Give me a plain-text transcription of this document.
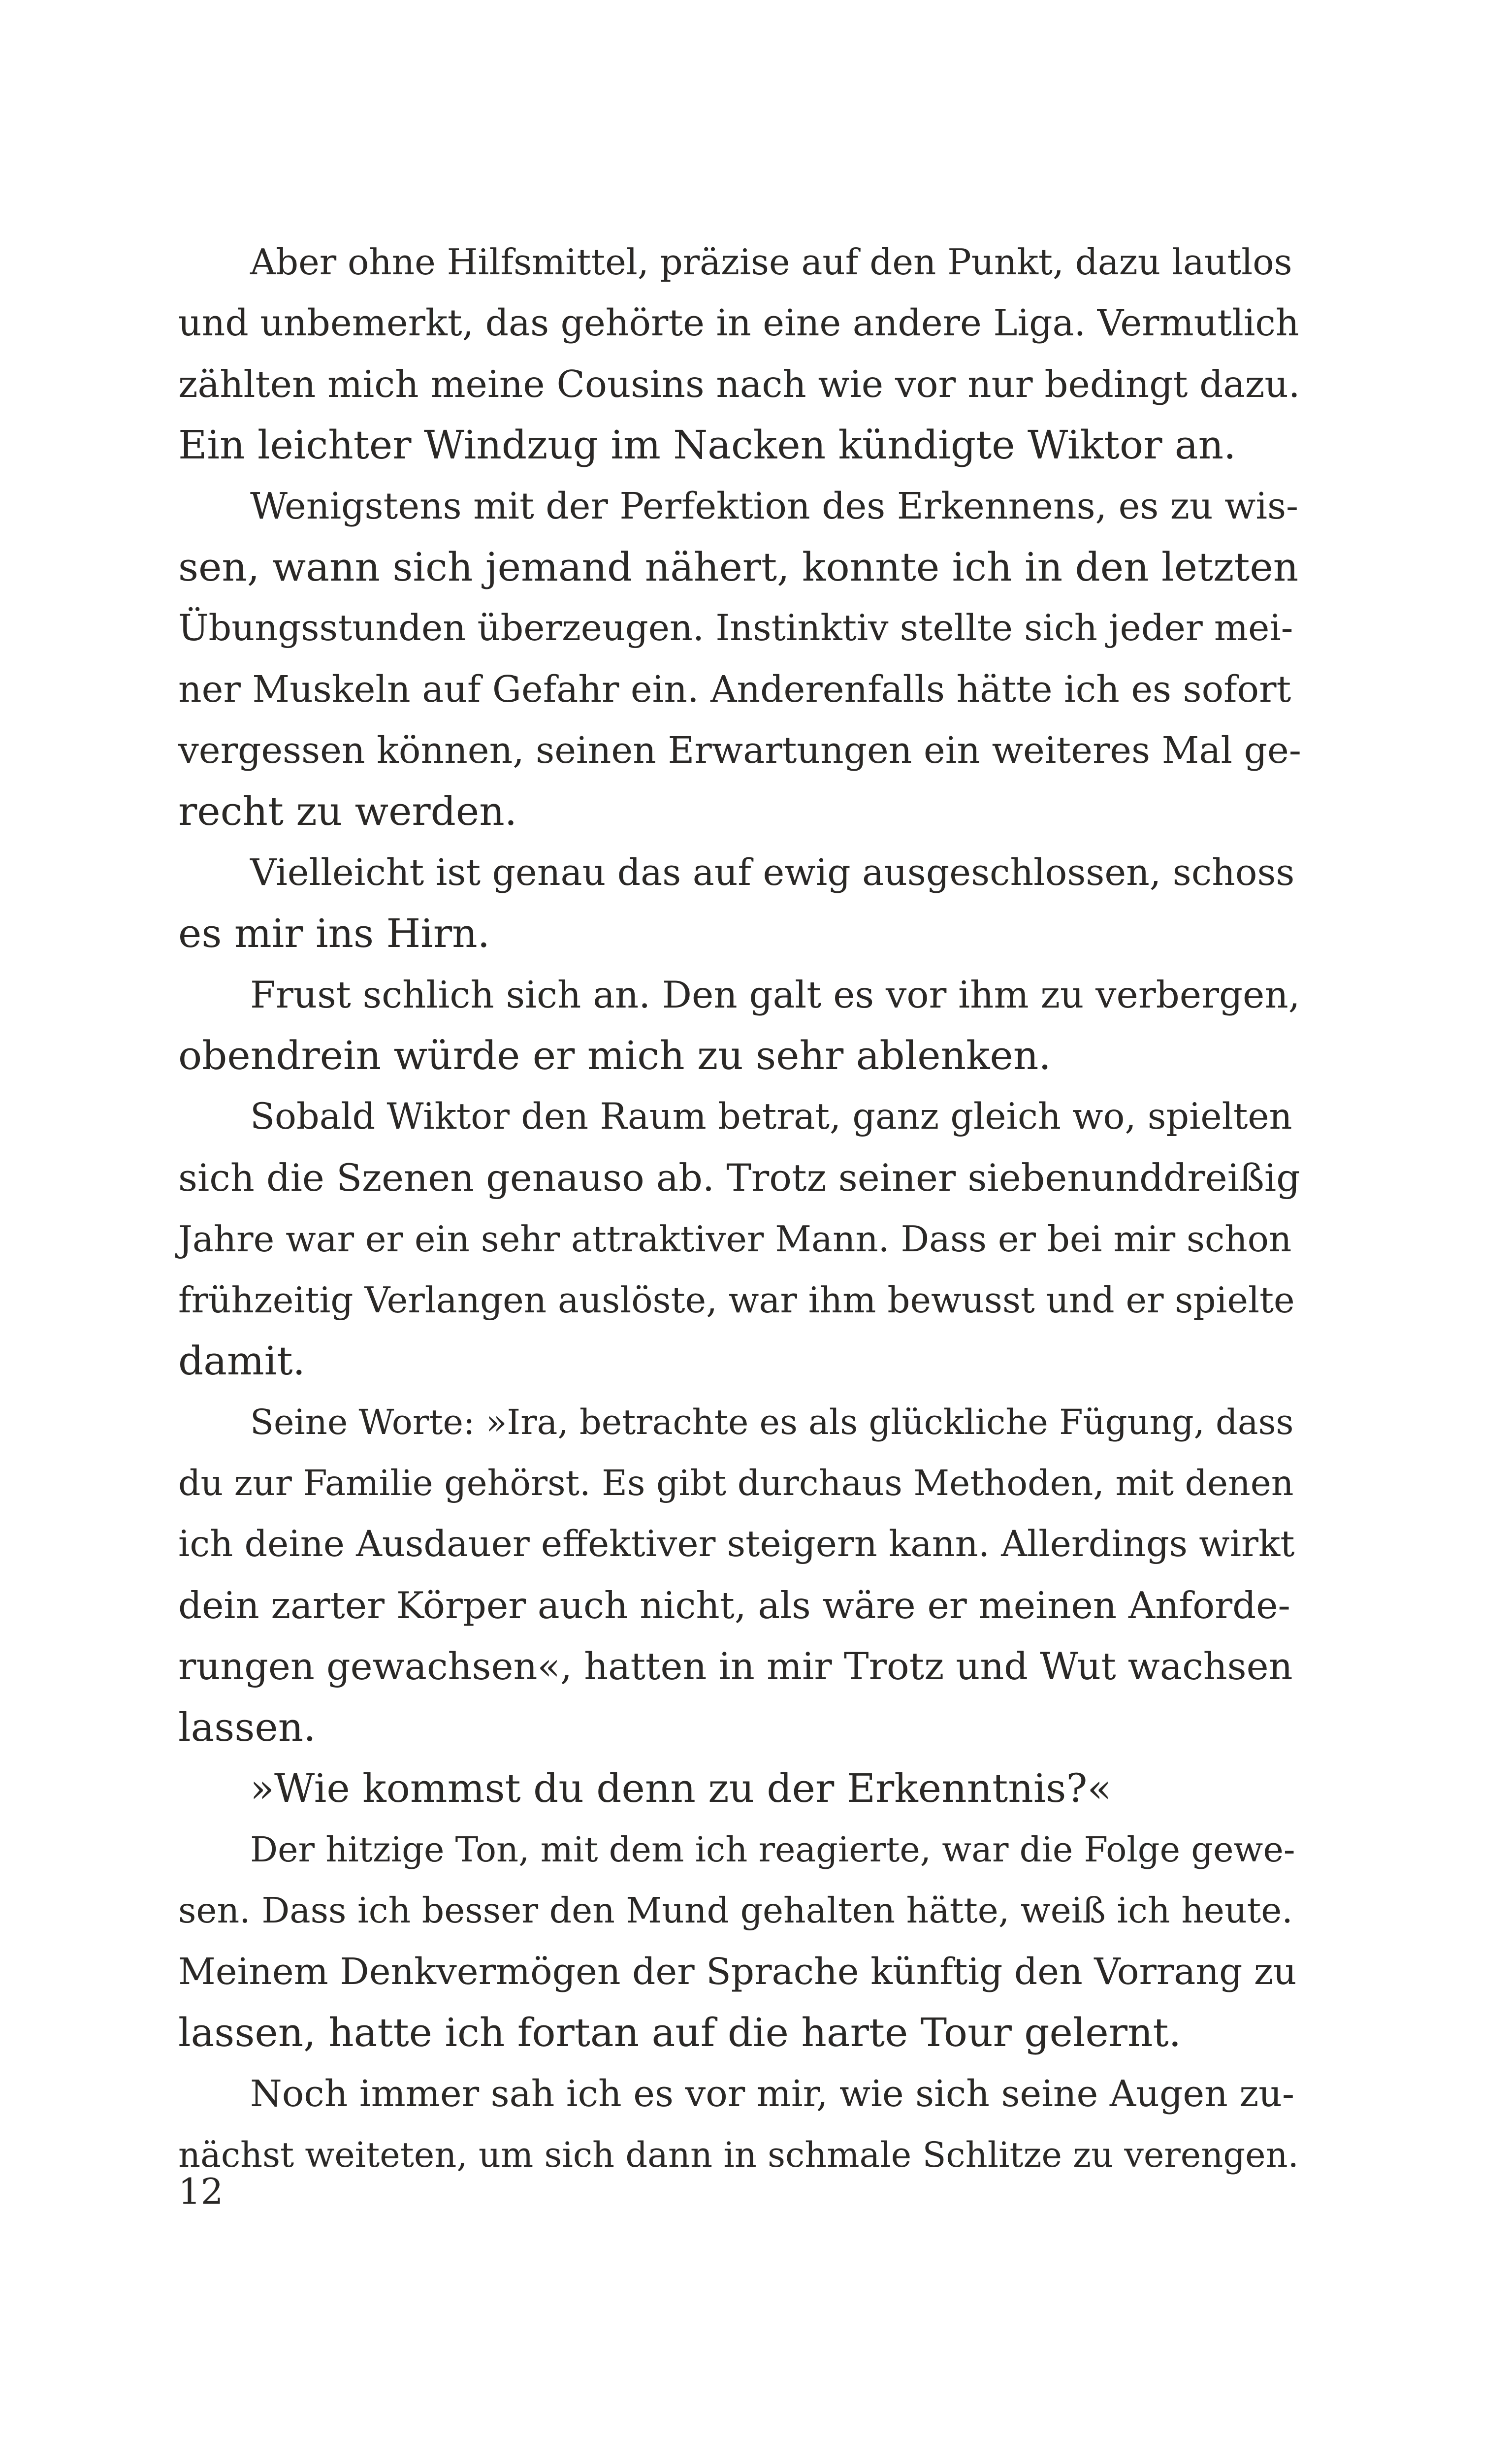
Aber ohne Hilfsmittel, präzise auf den Punkt, dazu lautlos
und unbemerkt, das gehörte in eine andere Liga. Vermutlich
zählten mich meine Cousins nach wie vor nur bedingt dazu.
Ein leichter Windzug im Nacken kündigte Wiktor an.
Wenigstens mit der Perfektion des Erkennens, es zu wis-
sen, wann sich jemand nähert, konnte ich in den letzten
Übungsstunden überzeugen. Instinktiv stellte sich jeder mei-
ner Muskeln auf Gefahr ein. Anderenfalls hätte ich es sofort
vergessen können, seinen Erwartungen ein weiteres Mal ge-
recht zu werden.
Vielleicht ist genau das auf ewig ausgeschlossen, schoss
es mir ins Hirn.
Frust schlich sich an. Den galt es vor ihm zu verbergen,
obendrein würde er mich zu sehr ablenken.
Sobald Wiktor den Raum betrat, ganz gleich wo, spielten
sich die Szenen genauso ab. Trotz seiner siebenunddreißig
Jahre war er ein sehr attraktiver Mann. Dass er bei mir schon
frühzeitig Verlangen auslöste, war ihm bewusst und er spielte
damit.
Seine Worte: »Ira, betrachte es als glückliche Fügung, dass
du zur Familie gehörst. Es gibt durchaus Methoden, mit denen
ich deine Ausdauer effektiver steigern kann. Allerdings wirkt
dein zarter Körper auch nicht, als wäre er meinen Anforde-
rungen gewachsen«, hatten in mir Trotz und Wut wachsen
lassen.
»Wie kommst du denn zu der Erkenntnis?«
Der hitzige Ton, mit dem ich reagierte, war die Folge gewe-
sen. Dass ich besser den Mund gehalten hätte, weiß ich heute.
Meinem Denkvermögen der Sprache künftig den Vorrang zu
lassen, hatte ich fortan auf die harte Tour gelernt.
Noch immer sah ich es vor mir, wie sich seine Augen zu-
nächst weiteten, um sich dann in schmale Schlitze zu verengen.
12
